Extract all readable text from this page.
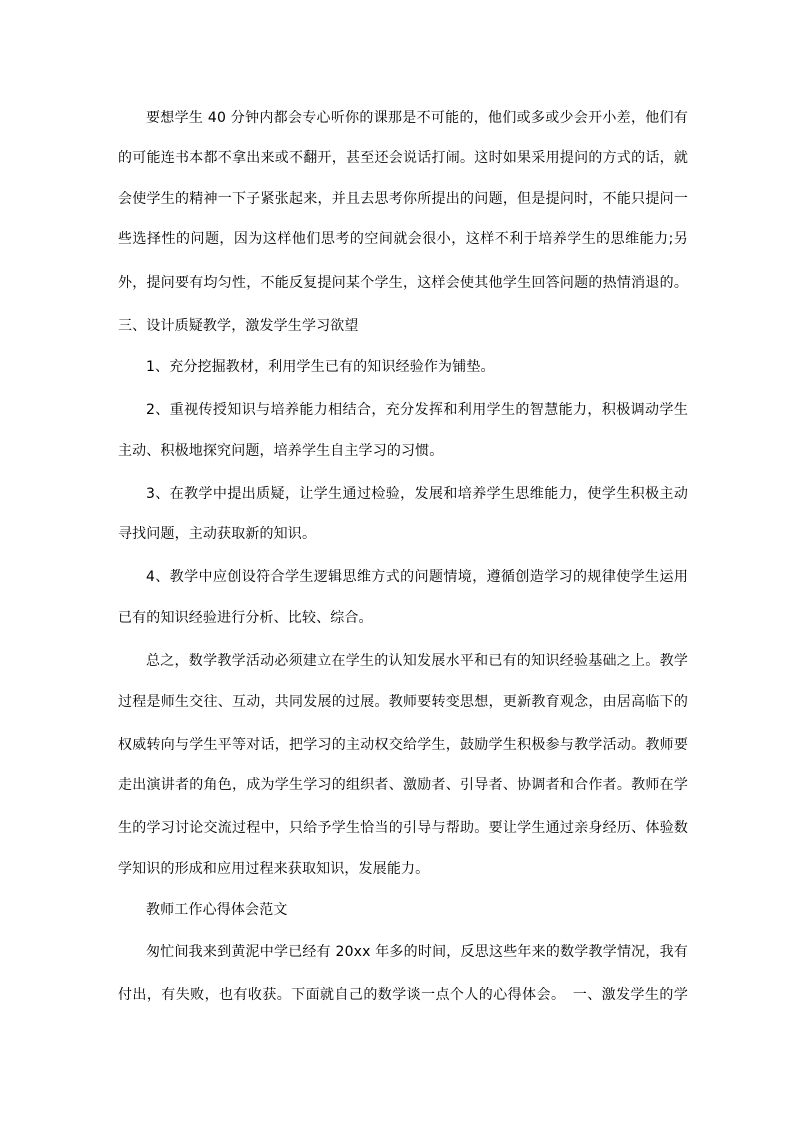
要想学生 40 分钟内都会专心听你的课那是不可能的，他们或多或少会开小差，他们有
的可能连书本都不拿出来或不翻开，甚至还会说话打闹。这时如果采用提问的方式的话，就
会使学生的精神一下子紧张起来，并且去思考你所提出的问题，但是提问时，不能只提问一
些选择性的问题，因为这样他们思考的空间就会很小，这样不利于培养学生的思维能力;另
外，提问要有均匀性，不能反复提问某个学生，这样会使其他学生回答问题的热情消退的。
三、设计质疑教学，激发学生学习欲望
1、充分挖掘教材，利用学生已有的知识经验作为铺垫。
2、重视传授知识与培养能力相结合，充分发挥和利用学生的智慧能力，积极调动学生
主动、积极地探究问题，培养学生自主学习的习惯。
3、在教学中提出质疑，让学生通过检验，发展和培养学生思维能力，使学生积极主动
寻找问题，主动获取新的知识。
4、教学中应创设符合学生逻辑思维方式的问题情境，遵循创造学习的规律使学生运用
已有的知识经验进行分析、比较、综合。
总之，数学教学活动必须建立在学生的认知发展水平和已有的知识经验基础之上。教学
过程是师生交往、互动，共同发展的过展。教师要转变思想，更新教育观念，由居高临下的
权威转向与学生平等对话，把学习的主动权交给学生，鼓励学生积极参与教学活动。教师要
走出演讲者的角色，成为学生学习的组织者、激励者、引导者、协调者和合作者。教师在学
生的学习讨论交流过程中，只给予学生恰当的引导与帮助。要让学生通过亲身经历、体验数
学知识的形成和应用过程来获取知识，发展能力。
教师工作心得体会范文
匆忙间我来到黄泥中学已经有 20xx 年多的时间，反思这些年来的数学教学情况，我有
付出，有失败，也有收获。下面就自己的数学谈一点个人的心得体会。　一、激发学生的学
